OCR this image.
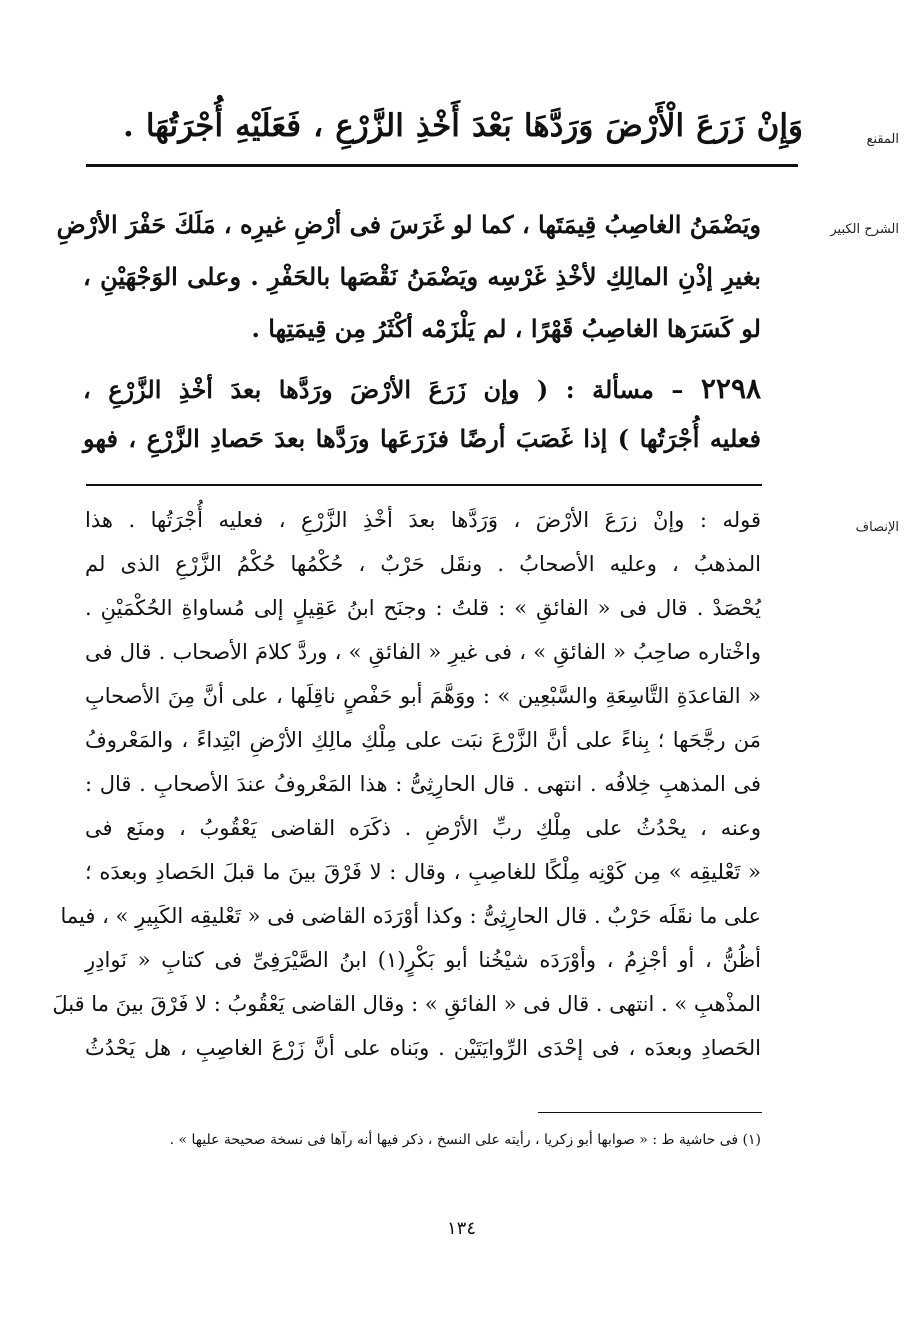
المقنع
وَإِنْ زَرَعَ الْأَرْضَ وَرَدَّهَا بَعْدَ أَخْذِ الزَّرْعِ ، فَعَلَيْهِ أُجْرَتُهَا .
الشرح الكبير
ويَضْمَنُ الغاصِبُ قِيمَتَها ، كما لو غَرَسَ فى أرْضِ غيرِه ، مَلَكَ حَفْرَ الأرْضِ
بغيرِ إذْنِ المالِكِ لأخْذِ غَرْسِه ويَضْمَنُ نَقْصَها بالحَفْرِ . وعلى الوَجْهَيْنِ ،
لو كَسَرَها الغاصِبُ قَهْرًا ، لم يَلْزَمْه أكْثَرُ مِن قِيمَتِها .
٢٢٩٨ – مسألة : ( وإن زَرَعَ الأرْضَ ورَدَّها بعدَ أخْذِ الزَّرْعِ ،
فعليه أُجْرَتُها ) إذا غَصَبَ أرضًا فزَرَعَها ورَدَّها بعدَ حَصادِ الزَّرْعِ ، فهو
الإنصاف
قوله : وإنْ زرَعَ الأرْضَ ، وَرَدَّها بعدَ أخْذِ الزَّرْعِ ، فعليه أُجْرَتُها . هذا
المذهبُ ، وعليه الأصحابُ . ونقَل حَرْبٌ ، حُكْمُها حُكْمُ الزَّرْعِ الذى لم
يُحْصَدْ . قال فى « الفائقِ » : قلتُ : وجنَح ابنُ عَقِيلٍ إلى مُساواةِ الحُكْمَيْنِ .
واخْتاره صاحِبُ « الفائقِ » ، فى غيرِ « الفائقِ » ، وردَّ كلامَ الأصحاب . قال فى
« القاعدَةِ التَّاسِعَةِ والسَّبْعِين » : ووَهَّمَ أبو حَفْصٍ ناقِلَها ، على أنَّ مِنَ الأصحابِ
مَن رجَّحَها ؛ بِناءً على أنَّ الزَّرْعَ نبَت على مِلْكِ مالِكِ الأرْضِ ابْتِداءً ، والمَعْروفُ
فى المذهبِ خِلافُه . انتهى . قال الحارِثِىُّ : هذا المَعْروفُ عندَ الأصحابِ . قال :
وعنه ، يحْدُثُ على مِلْكِ ربِّ الأرْضِ . ذكَرَه القاضى يَعْقُوبُ ، ومنَع فى
« تَعْليقِه » مِن كَوْنِه مِلْكًا للغاصِبِ ، وقال : لا فَرْقَ بينَ ما قبلَ الحَصادِ وبعدَه ؛
على ما نقَلَه حَرْبٌ . قال الحارِثِىُّ : وكذا أوْرَدَه القاضى فى « تَعْليقِه الكَبِيرِ » ، فيما
أظُنُّ ، أو أجْزِمُ ، وأوْرَدَه شيْخُنا أبو بَكْرٍ(١) ابنُ الصَّيْرَفِىِّ فى كتابِ « نَوادِرِ
المذْهبِ » . انتهى . قال فى « الفائقِ » : وقال القاضى يَعْقُوبُ : لا فَرْقَ بينَ ما قبلَ
الحَصادِ وبعدَه ، فى إحْدَى الرِّوايَتَيْن . وبَناه على أنَّ زَرْعَ الغاصِبِ ، هل يَحْدُثُ
(١) فى حاشية ط : « صوابها أبو زكريا ، رأيته على النسخ ، ذكر فيها أنه رآها فى نسخة صحيحة عليها » .
١٣٤
